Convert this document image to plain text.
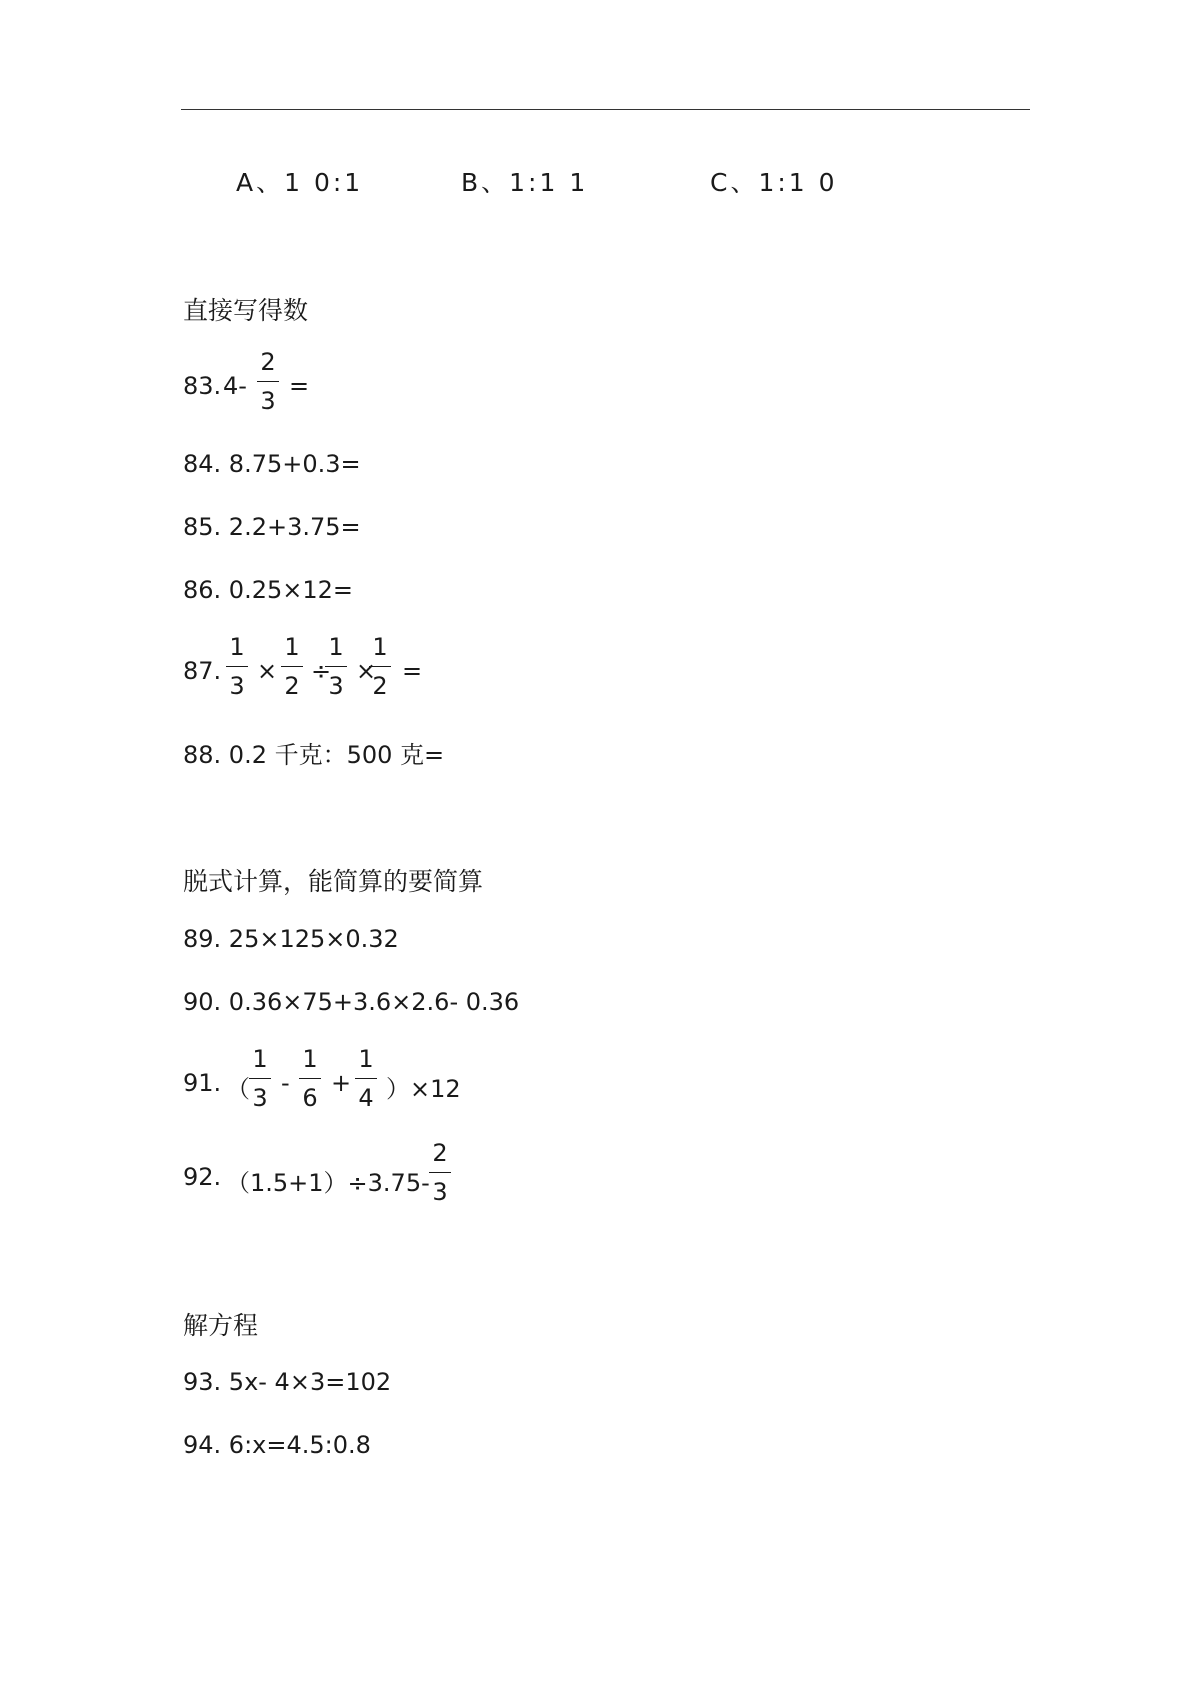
A、1 0:1	B、1:1 1	C、1:1 0
直接写得数
83. 4-
2
3
=
84. 8.75+0.3=
85. 2.2+3.75=
86. 0.25×12=
87.
1
3
×
1
2
÷
1
3
×
1
2
=
88. 0.2 千克：500 克=
脱式计算，能简算的要简算
89. 25×125×0.32
90. 0.36×75+3.6×2.6- 0.36
91. （
1
3
-
1
6
+
1
4 ）×12
92. （1.5+1）÷3.75-
2
3
解方程
93. 5x- 4×3=102
94. 6:x=4.5:0.8
